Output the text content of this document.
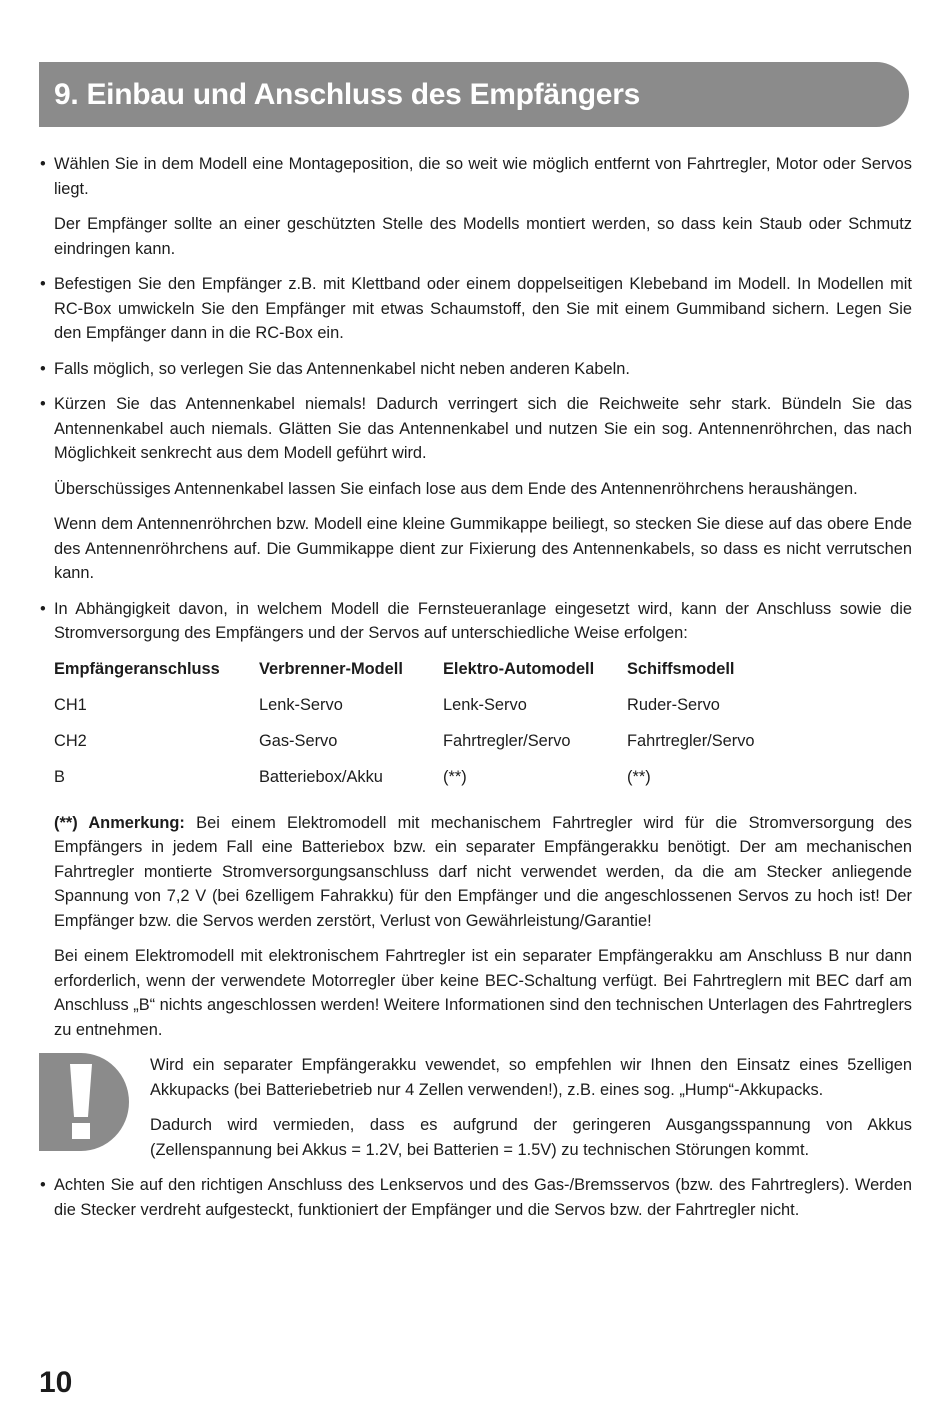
9. Einbau und Anschluss des Empfängers

• Wählen Sie in dem Modell eine Montageposition, die so weit wie möglich entfernt von Fahrtregler, Motor oder Servos liegt.

Der Empfänger sollte an einer geschützten Stelle des Modells montiert werden, so dass kein Staub oder Schmutz eindringen kann.

• Befestigen Sie den Empfänger z.B. mit Klettband oder einem doppelseitigen Klebeband im Modell. In Modellen mit RC-Box umwickeln Sie den Empfänger mit etwas Schaumstoff, den Sie mit einem Gummiband sichern. Legen Sie den Empfänger dann in die RC-Box ein.

• Falls möglich, so verlegen Sie das Antennenkabel nicht neben anderen Kabeln.

• Kürzen Sie das Antennenkabel niemals! Dadurch verringert sich die Reichweite sehr stark. Bündeln Sie das Antennenkabel auch niemals. Glätten Sie das Antennenkabel und nutzen Sie ein sog. Antennenröhrchen, das nach Möglichkeit senkrecht aus dem Modell geführt wird.

Überschüssiges Antennenkabel lassen Sie einfach lose aus dem Ende des Antennenröhrchens heraushängen.

Wenn dem Antennenröhrchen bzw. Modell eine kleine Gummikappe beiliegt, so stecken Sie diese auf das obere Ende des Antennenröhrchens auf. Die Gummikappe dient zur Fixierung des Antennenkabels, so dass es nicht verrutschen kann.

• In Abhängigkeit davon, in welchem Modell die Fernsteueranlage eingesetzt wird, kann der Anschluss sowie die Stromversorgung des Empfängers und der Servos auf unterschiedliche Weise erfolgen:

Empfängeranschluss	Verbrenner-Modell	Elektro-Automodell	Schiffsmodell
CH1	Lenk-Servo	Lenk-Servo	Ruder-Servo
CH2	Gas-Servo	Fahrtregler/Servo	Fahrtregler/Servo
B	Batteriebox/Akku	(**)	(**)

(**) Anmerkung: Bei einem Elektromodell mit mechanischem Fahrtregler wird für die Stromversorgung des Empfängers in jedem Fall eine Batteriebox bzw. ein separater Empfängerakku benötigt. Der am mechanischen Fahrtregler montierte Stromversorgungsanschluss darf nicht verwendet werden, da die am Stecker anliegende Spannung von 7,2 V (bei 6zelligem Fahrakku) für den Empfänger und die angeschlossenen Servos zu hoch ist! Der Empfänger bzw. die Servos werden zerstört, Verlust von Gewährleistung/Garantie!

Bei einem Elektromodell mit elektronischem Fahrtregler ist ein separater Empfängerakku am Anschluss B nur dann erforderlich, wenn der verwendete Motorregler über keine BEC-Schaltung verfügt. Bei Fahrtreglern mit BEC darf am Anschluss „B“ nichts angeschlossen werden! Weitere Informationen sind den technischen Unterlagen des Fahrtreglers zu entnehmen.

Wird ein separater Empfängerakku vewendet, so empfehlen wir Ihnen den Einsatz eines 5zelligen Akkupacks (bei Batteriebetrieb nur 4 Zellen verwenden!), z.B. eines sog. „Hump“-Akkupacks.

Dadurch wird vermieden, dass es aufgrund der geringeren Ausgangsspannung von Akkus (Zellenspannung bei Akkus = 1.2V, bei Batterien = 1.5V) zu technischen Störungen kommt.

• Achten Sie auf den richtigen Anschluss des Lenkservos und des Gas-/Bremsservos (bzw. des Fahrtreglers). Werden die Stecker verdreht aufgesteckt, funktioniert der Empfänger und die Servos bzw. der Fahrtregler nicht.

10
